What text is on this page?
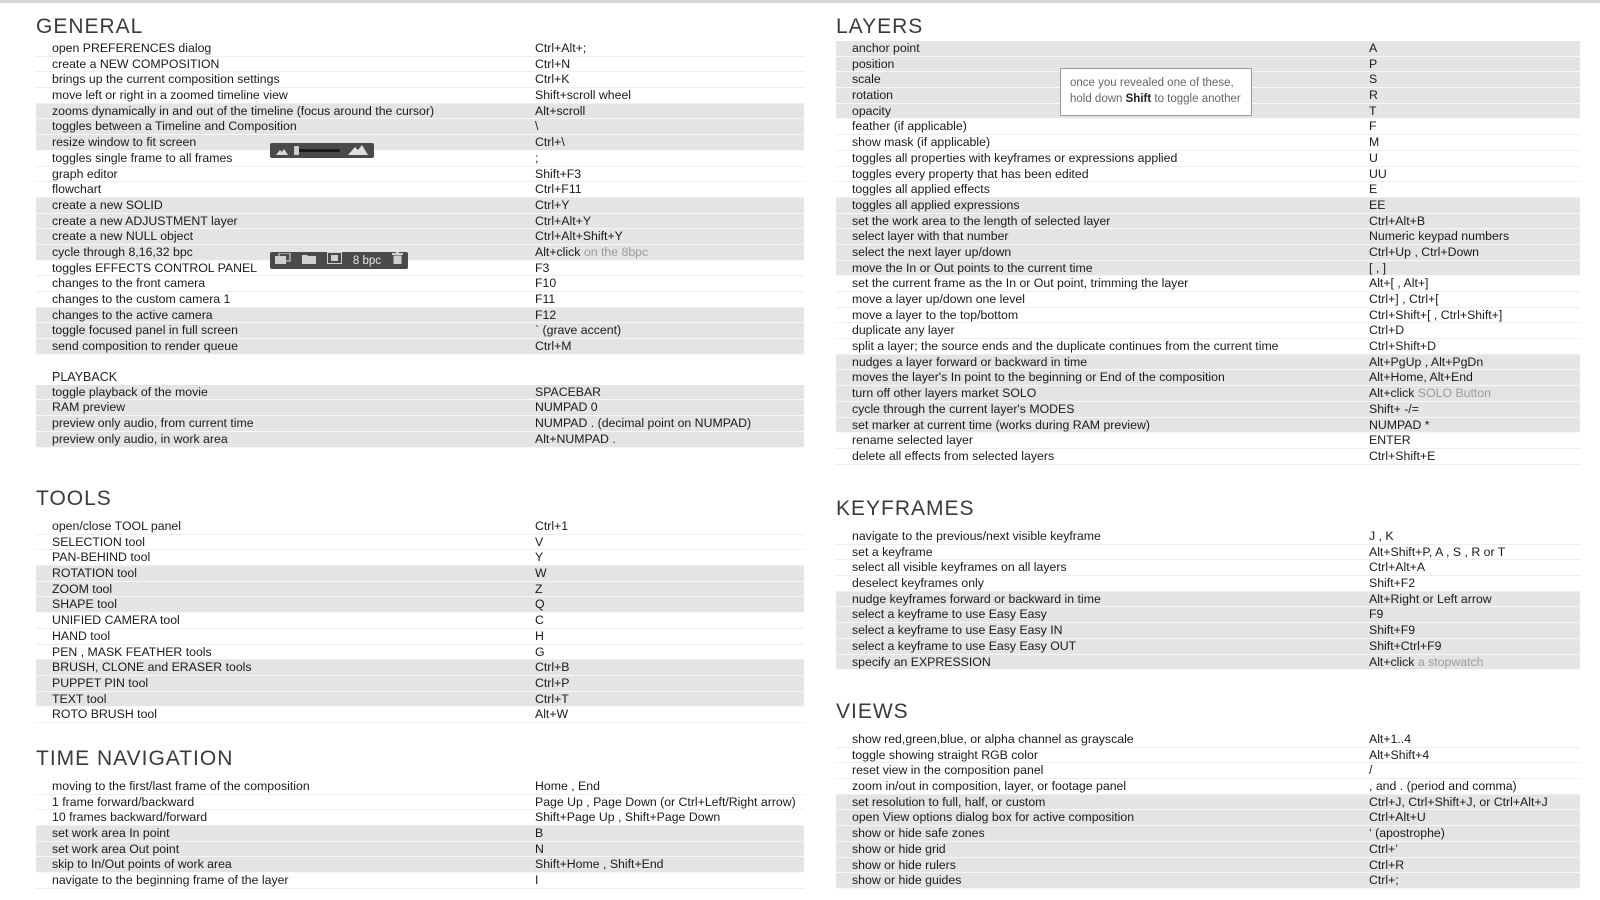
GENERAL
open PREFERENCES dialog	Ctrl+Alt+;
create a NEW COMPOSITION	Ctrl+N
brings up the current composition settings	Ctrl+K
move left or right in a zoomed timeline view	Shift+scroll wheel
zooms dynamically in and out of the timeline (focus around the cursor)	Alt+scroll
toggles between a Timeline and Composition	\
resize window to fit screen	Ctrl+\
toggles single frame to all frames	;
graph editor	Shift+F3
flowchart	Ctrl+F11
create a new SOLID	Ctrl+Y
create a new ADJUSTMENT layer	Ctrl+Alt+Y
create a new NULL object	Ctrl+Alt+Shift+Y
cycle through 8,16,32 bpc	Alt+click on the 8bpc
toggles EFFECTS CONTROL PANEL	F3
changes to the front camera	F10
changes to the custom camera 1	F11
changes to the active camera	F12
toggle focused panel in full screen	` (grave accent)
send composition to render queue	Ctrl+M
PLAYBACK
toggle playback of the movie	SPACEBAR
RAM preview	NUMPAD 0
preview only audio, from current time	NUMPAD . (decimal point on NUMPAD)
preview only audio, in work area	Alt+NUMPAD .
TOOLS
open/close TOOL panel	Ctrl+1
SELECTION tool	V
PAN-BEHIND tool	Y
ROTATION tool	W
ZOOM tool	Z
SHAPE tool	Q
UNIFIED CAMERA tool	C
HAND tool	H
PEN , MASK FEATHER tools	G
BRUSH, CLONE and ERASER tools	Ctrl+B
PUPPET PIN tool	Ctrl+P
TEXT tool	Ctrl+T
ROTO BRUSH tool	Alt+W
TIME NAVIGATION
moving to the first/last frame of the composition	Home , End
1 frame forward/backward	Page Up , Page Down (or Ctrl+Left/Right arrow)
10 frames backward/forward	Shift+Page Up , Shift+Page Down
set work area In point	B
set work area Out point	N
skip to In/Out points of work area	Shift+Home , Shift+End
navigate to the beginning frame of the layer	I
LAYERS
anchor point	A
position	P
scale	S
rotation	R
opacity	T
feather (if applicable)	F
show mask (if applicable)	M
toggles all properties with keyframes or expressions applied	U
toggles every property that has been edited	UU
toggles all applied effects	E
toggles all applied expressions	EE
set the work area to the length of selected layer	Ctrl+Alt+B
select layer with that number	Numeric keypad numbers
select the next layer up/down	Ctrl+Up , Ctrl+Down
move the In or Out points to the current time	[ , ]
set the current frame as the In or Out point, trimming the layer	Alt+[ , Alt+]
move a layer up/down one level	Ctrl+] , Ctrl+[
move a layer to the top/bottom	Ctrl+Shift+[ , Ctrl+Shift+]
duplicate any layer	Ctrl+D
split a layer; the source ends and the duplicate continues from the current time	Ctrl+Shift+D
nudges a layer forward or backward in time	Alt+PgUp , Alt+PgDn
moves the layer's In point to the beginning or End of the composition	Alt+Home, Alt+End
turn off other layers market SOLO	Alt+click SOLO Button
cycle through the current layer's MODES	Shift+ -/=
set marker at current time (works during RAM preview)	NUMPAD *
rename selected layer	ENTER
delete all effects from selected layers	Ctrl+Shift+E
KEYFRAMES
navigate to the previous/next visible keyframe	J , K
set a keyframe	Alt+Shift+P, A , S , R or T
select all visible keyframes on all layers	Ctrl+Alt+A
deselect keyframes only	Shift+F2
nudge keyframes forward or backward in time	Alt+Right or Left arrow
select a keyframe to use Easy Easy	F9
select a keyframe to use Easy Easy IN	Shift+F9
select a keyframe to use Easy Easy OUT	Shift+Ctrl+F9
specify an EXPRESSION	Alt+click a stopwatch
VIEWS
show red,green,blue, or alpha channel as grayscale	Alt+1..4
toggle showing straight RGB color	Alt+Shift+4
reset view in the composition panel	/
zoom in/out in composition, layer, or footage panel	, and . (period and comma)
set resolution to full, half, or custom	Ctrl+J, Ctrl+Shift+J, or Ctrl+Alt+J
open View options dialog box for active composition	Ctrl+Alt+U
show or hide safe zones	‘ (apostrophe)
show or hide grid	Ctrl+’
show or hide rulers	Ctrl+R
show or hide guides	Ctrl+;
8 bpc
once you revealed one of these,
hold down Shift to toggle another
